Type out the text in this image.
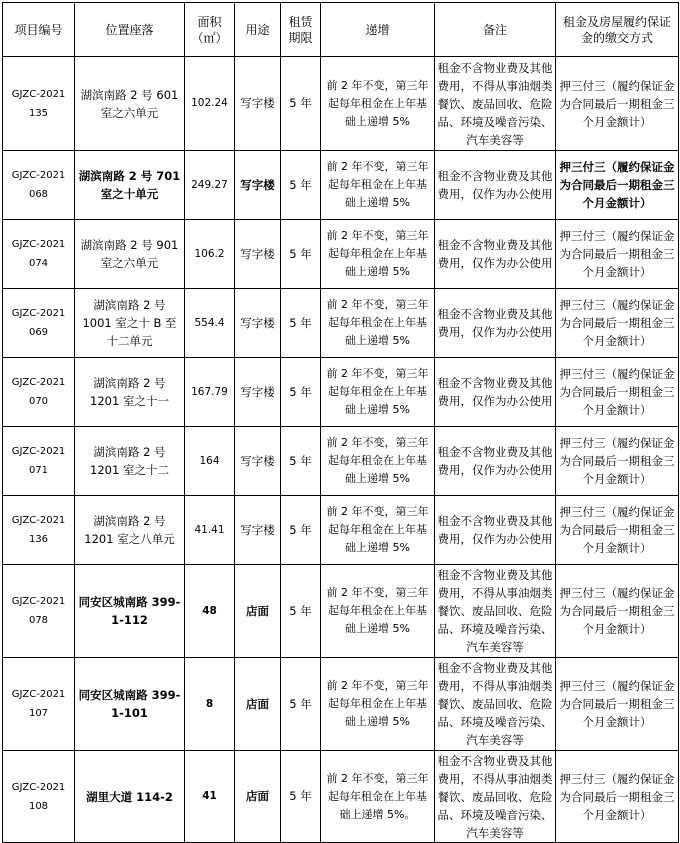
项目编号	位置座落	面积（㎡）	用途	租赁期限	递增	备注	租金及房屋履约保证金的缴交方式
GJZC-2021 135	湖滨南路 2 号 601 室之六单元	102.24	写字楼	5 年	前 2 年不变，第三年起每年租金在上年基础上递增 5%	租金不含物业费及其他费用，不得从事油烟类餐饮、废品回收、危险品、环境及噪音污染、汽车美容等	押三付三（履约保证金为合同最后一期租金三个月金额计）
GJZC-2021 068	湖滨南路 2 号 701 室之十单元	249.27	写字楼	5 年	前 2 年不变，第三年起每年租金在上年基础上递增 5%	租金不含物业费及其他费用，仅作为办公使用	押三付三（履约保证金为合同最后一期租金三个月金额计）
GJZC-2021 074	湖滨南路 2 号 901 室之六单元	106.2	写字楼	5 年	前 2 年不变，第三年起每年租金在上年基础上递增 5%	租金不含物业费及其他费用，仅作为办公使用	押三付三（履约保证金为合同最后一期租金三个月金额计）
GJZC-2021 069	湖滨南路 2 号 1001 室之十 B 至十二单元	554.4	写字楼	5 年	前 2 年不变，第三年起每年租金在上年基础上递增 5%	租金不含物业费及其他费用，仅作为办公使用	押三付三（履约保证金为合同最后一期租金三个月金额计）
GJZC-2021 070	湖滨南路 2 号 1201 室之十一	167.79	写字楼	5 年	前 2 年不变，第三年起每年租金在上年基础上递增 5%	租金不含物业费及其他费用，仅作为办公使用	押三付三（履约保证金为合同最后一期租金三个月金额计）
GJZC-2021 071	湖滨南路 2 号 1201 室之十二	164	写字楼	5 年	前 2 年不变，第三年起每年租金在上年基础上递增 5%	租金不含物业费及其他费用，仅作为办公使用	押三付三（履约保证金为合同最后一期租金三个月金额计）
GJZC-2021 136	湖滨南路 2 号 1201 室之八单元	41.41	写字楼	5 年	前 2 年不变，第三年起每年租金在上年基础上递增 5%	租金不含物业费及其他费用，仅作为办公使用	押三付三（履约保证金为合同最后一期租金三个月金额计）
GJZC-2021 078	同安区城南路 399-1-112	48	店面	5 年	前 2 年不变，第三年起每年租金在上年基础上递增 5%	租金不含物业费及其他费用，不得从事油烟类餐饮、废品回收、危险品、环境及噪音污染、汽车美容等	押三付三（履约保证金为合同最后一期租金三个月金额计）
GJZC-2021 107	同安区城南路 399-1-101	8	店面	5 年	前 2 年不变，第三年起每年租金在上年基础上递增 5%	租金不含物业费及其他费用，不得从事油烟类餐饮、废品回收、危险品、环境及噪音污染、汽车美容等	押三付三（履约保证金为合同最后一期租金三个月金额计）
GJZC-2021 108	湖里大道 114-2	41	店面	5 年	前 2 年不变，第三年起每年租金在上年基础上递增 5%。	租金不含物业费及其他费用，不得从事油烟类餐饮、废品回收、危险品、环境及噪音污染、汽车美容等	押三付三（履约保证金为合同最后一期租金三个月金额计）
